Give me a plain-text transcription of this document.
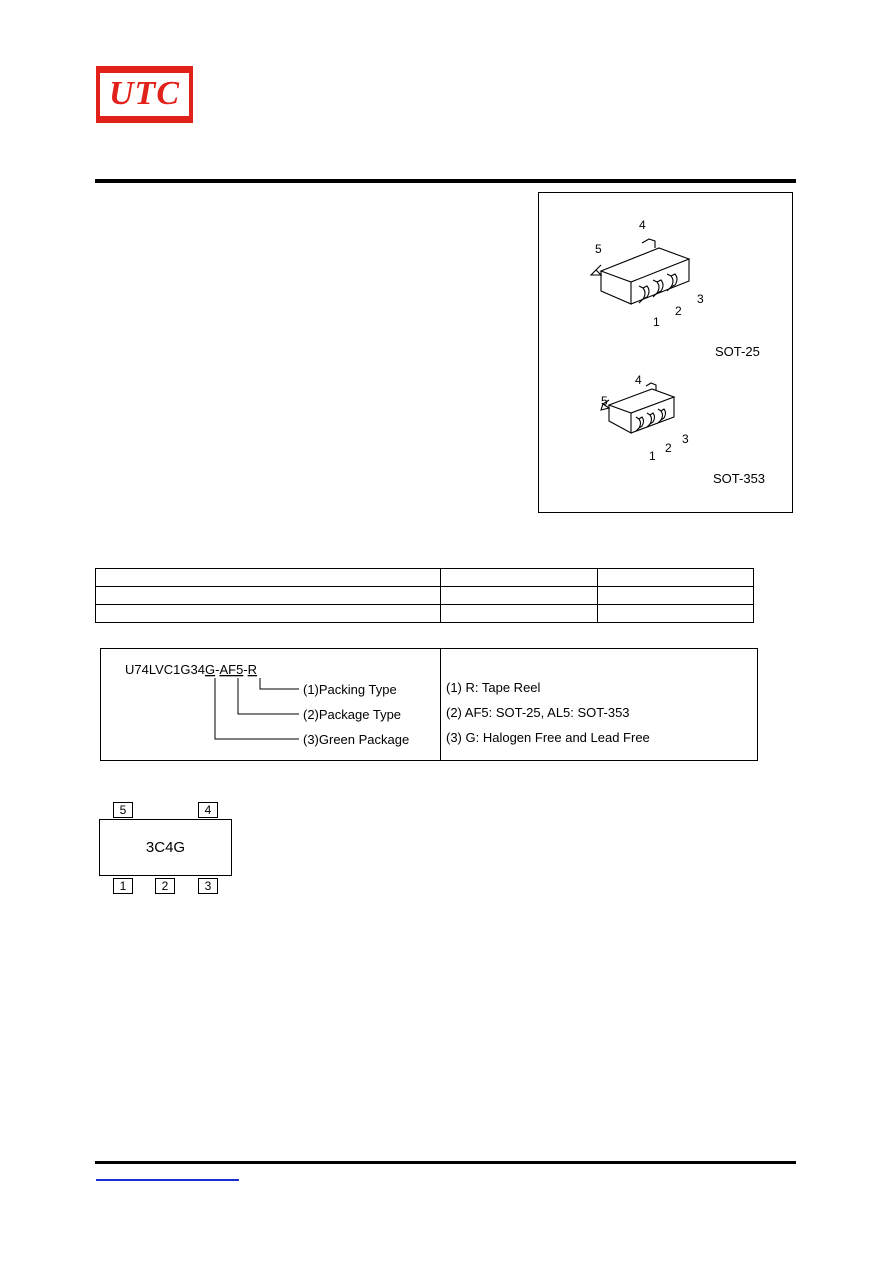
UTC
4
5
1
2
3
4
5
1
2
3
SOT-25
SOT-353

U74LVC1G34G-AF5-R
(1)Packing Type
(2)Package Type
(3)Green Package
(1) R: Tape Reel
(2) AF5: SOT-25, AL5: SOT-353
(3) G: Halogen Free and Lead Free
5	4
3C4G
1	2	3
